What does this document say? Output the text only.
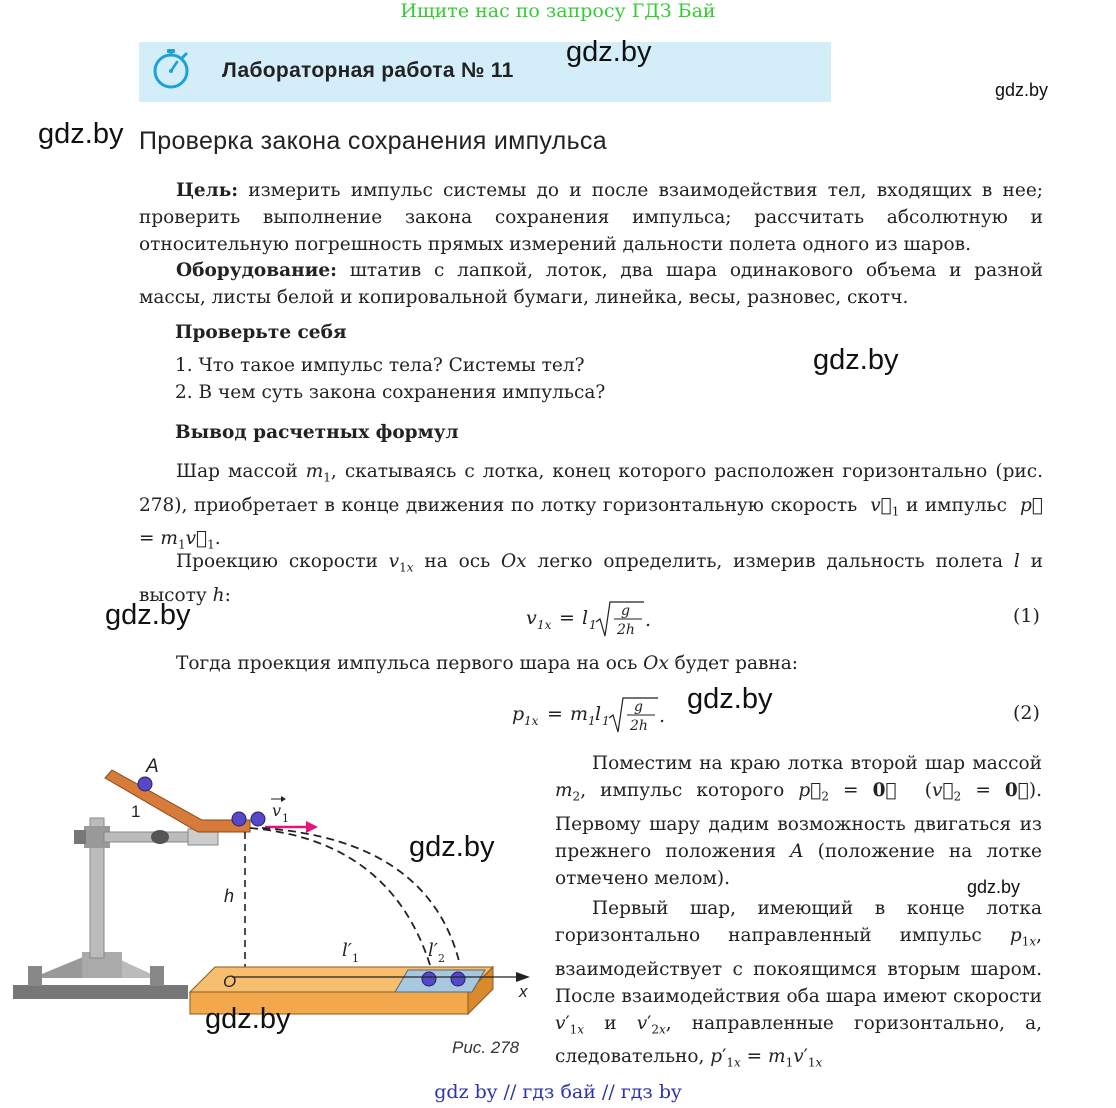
Ищите нас по запросу ГДЗ Бай
Лабораторная работа № 11
Проверка закона сохранения импульса
Цель: измерить импульс системы до и после взаимодействия тел, входящих в нее; проверить выполнение закона сохранения импульса; рассчитать абсолютную и относительную погрешность прямых измерений дальности полета одного из шаров.
Оборудование: штатив с лапкой, лоток, два шара одинакового объема и разной массы, листы белой и копировальной бумаги, линейка, весы, разновес, скотч.
Проверьте себя
1. Что такое импульс тела? Системы тел?
2. В чем суть закона сохранения импульса?
Вывод расчетных формул
Шар массой $m_1$, скатываясь с лотка, конец которого расположен горизонтально (рис. 278), приобретает в конце движения по лотку горизонтальную скорость  $v⃗_1$ и импульс  p⃗ = $m_1v⃗_1$.
Проекцию скорости $v_{1x}$ на ось Ox легко определить, измерив дальность полета l и высоту h:
v 1x = l 1
g
2h .	(1)
Тогда проекция импульса первого шара на ось Ox будет равна:
p 1x = m 1 l 1
g
2h .	(2)
A
1
h
O
x
l′ 1	l′ 2
v 1
Рис. 278
Поместим на краю лотка второй шар массой $m_2$, импульс которого $p⃗_2$ = 0⃗  ($v⃗_2$ = 0⃗). Первому шару дадим возможность двигаться из прежнего положения A (положение на лотке отмечено мелом).
Первый шар, имеющий в конце лотка горизонтально направленный импульс $p_{1x}$, взаимодействует с покоящимся вторым шаром. После взаимодействия оба шара имеют скорости $v'_{1x}$ и $v'_{2x}$, направленные горизонтально, а, следовательно, $p'_{1x} = m_1v'_{1x}$
gdz.by
gdz.by
gdz.by
gdz.by
gdz.by
gdz.by
gdz.by
gdz.by
gdz.by
gdz by // гдз бай // гдз by
